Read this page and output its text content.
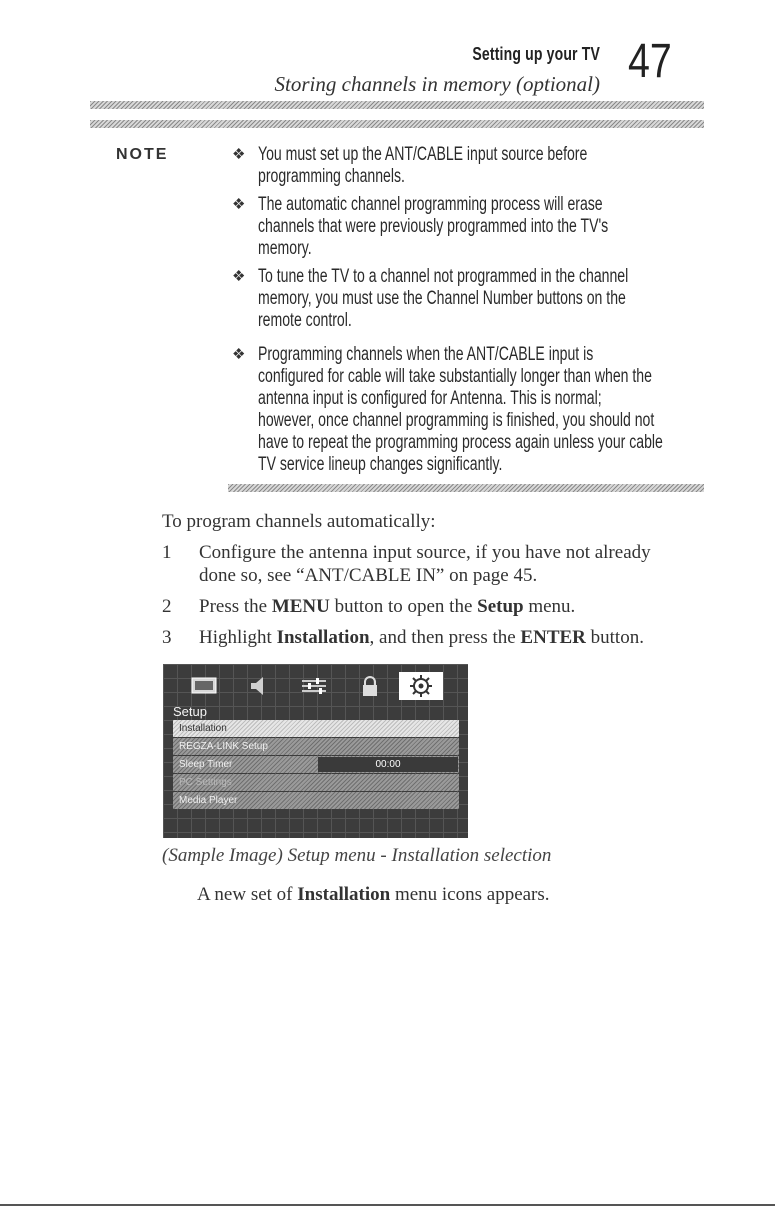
47
Setting up your TV
Storing channels in memory (optional)
NOTE	❖ You must set up the ANT/CABLE input source before
programming channels.
❖ The automatic channel programming process will erase
channels that were previously programmed into the TV's
memory.
❖ To tune the TV to a channel not programmed in the channel
memory, you must use the Channel Number buttons on the
remote control.
❖ Programming channels when the ANT/CABLE input is
configured for cable will take substantially longer than when the
antenna input is configured for Antenna. This is normal;
however, once channel programming is finished, you should not
have to repeat the programming process again unless your cable
TV service lineup changes significantly.
To program channels automatically:
1 Configure the antenna input source, if you have not already
done so, see “ANT/CABLE IN” on page 45.
2 Press the MENU button to open the Setup menu.
3 Highlight Installation, and then press the ENTER button.
Setup
Installation
REGZA-LINK Setup
Sleep Timer	00:00
PC Settings
Media Player
(Sample Image) Setup menu - Installation selection
A new set of Installation menu icons appears.
